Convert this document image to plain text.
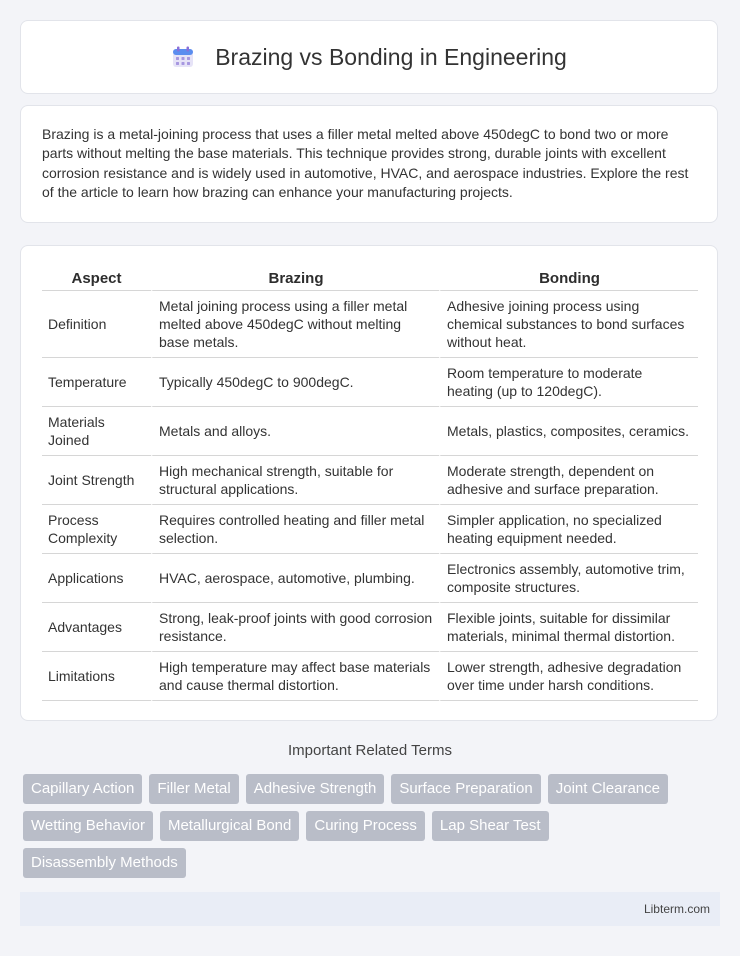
Brazing vs Bonding in Engineering

Brazing is a metal-joining process that uses a filler metal melted above 450degC to bond two or more parts without melting the base materials. This technique provides strong, durable joints with excellent corrosion resistance and is widely used in automotive, HVAC, and aerospace industries. Explore the rest of the article to learn how brazing can enhance your manufacturing projects.

Aspect	Brazing	Bonding
Definition	Metal joining process using a filler metal melted above 450degC without melting base metals.	Adhesive joining process using chemical substances to bond surfaces without heat.
Temperature	Typically 450degC to 900degC.	Room temperature to moderate heating (up to 120degC).
Materials Joined	Metals and alloys.	Metals, plastics, composites, ceramics.
Joint Strength	High mechanical strength, suitable for structural applications.	Moderate strength, dependent on adhesive and surface preparation.
Process Complexity	Requires controlled heating and filler metal selection.	Simpler application, no specialized heating equipment needed.
Applications	HVAC, aerospace, automotive, plumbing.	Electronics assembly, automotive trim, composite structures.
Advantages	Strong, leak-proof joints with good corrosion resistance.	Flexible joints, suitable for dissimilar materials, minimal thermal distortion.
Limitations	High temperature may affect base materials and cause thermal distortion.	Lower strength, adhesive degradation over time under harsh conditions.
Important Related Terms
Capillary Action	Filler Metal	Adhesive Strength	Surface Preparation	Joint Clearance
Wetting Behavior	Metallurgical Bond	Curing Process	Lap Shear Test
Disassembly Methods
Libterm.com
